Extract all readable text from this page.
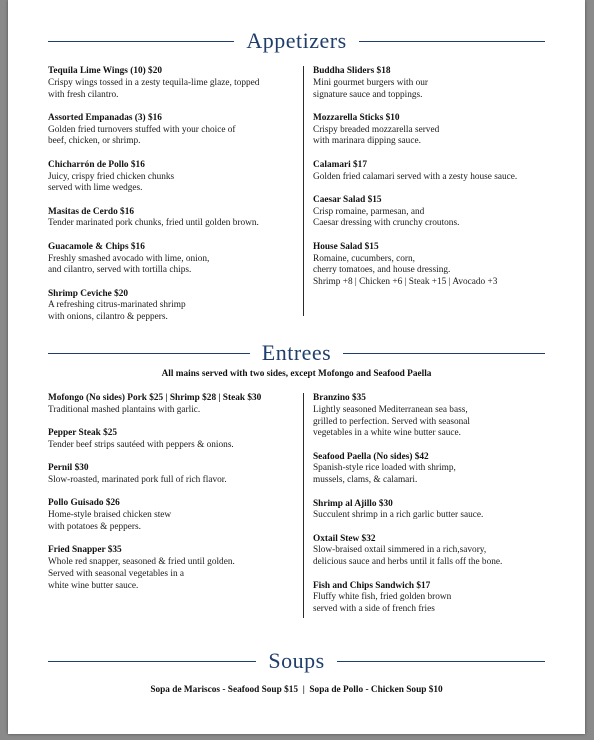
Appetizers
Tequila Lime Wings (10) $20
Crispy wings tossed in a zesty tequila-lime glaze, topped
with fresh cilantro.
Assorted Empanadas (3) $16
Golden fried turnovers stuffed with your choice of
beef, chicken, or shrimp.
Chicharrón de Pollo $16
Juicy, crispy fried chicken chunks
served with lime wedges.
Masitas de Cerdo $16
Tender marinated pork chunks, fried until golden brown.
Guacamole & Chips $16
Freshly smashed avocado with lime, onion,
and cilantro, served with tortilla chips.
Shrimp Ceviche $20
A refreshing citrus-marinated shrimp
with onions, cilantro & peppers.
Buddha Sliders $18
Mini gourmet burgers with our
signature sauce and toppings.
Mozzarella Sticks $10
Crispy breaded mozzarella served
with marinara dipping sauce.
Calamari $17
Golden fried calamari served with a zesty house sauce.
Caesar Salad $15
Crisp romaine, parmesan, and
Caesar dressing with crunchy croutons.
House Salad $15
Romaine, cucumbers, corn,
cherry tomatoes, and house dressing.
Shrimp +8 | Chicken +6 | Steak +15 | Avocado +3
Entrees
All mains served with two sides, except Mofongo and Seafood Paella
Mofongo (No sides) Pork $25 | Shrimp $28 | Steak $30
Traditional mashed plantains with garlic.
Pepper Steak $25
Tender beef strips sautéed with peppers & onions.
Pernil $30
Slow-roasted, marinated pork full of rich flavor.
Pollo Guisado $26
Home-style braised chicken stew
with potatoes & peppers.
Fried Snapper $35
Whole red snapper, seasoned & fried until golden.
Served with seasonal vegetables in a
white wine butter sauce.
Branzino $35
Lightly seasoned Mediterranean sea bass,
grilled to perfection. Served with seasonal
vegetables in a white wine butter sauce.
Seafood Paella (No sides) $42
Spanish-style rice loaded with shrimp,
mussels, clams, & calamari.
Shrimp al Ajillo $30
Succulent shrimp in a rich garlic butter sauce.
Oxtail Stew $32
Slow-braised oxtail simmered in a rich,savory,
delicious sauce and herbs until it falls off the bone.
Fish and Chips Sandwich $17
Fluffy white fish, fried golden brown
served with a side of french fries
Soups
Sopa de Mariscos - Seafood Soup $15  |  Sopa de Pollo - Chicken Soup $10
